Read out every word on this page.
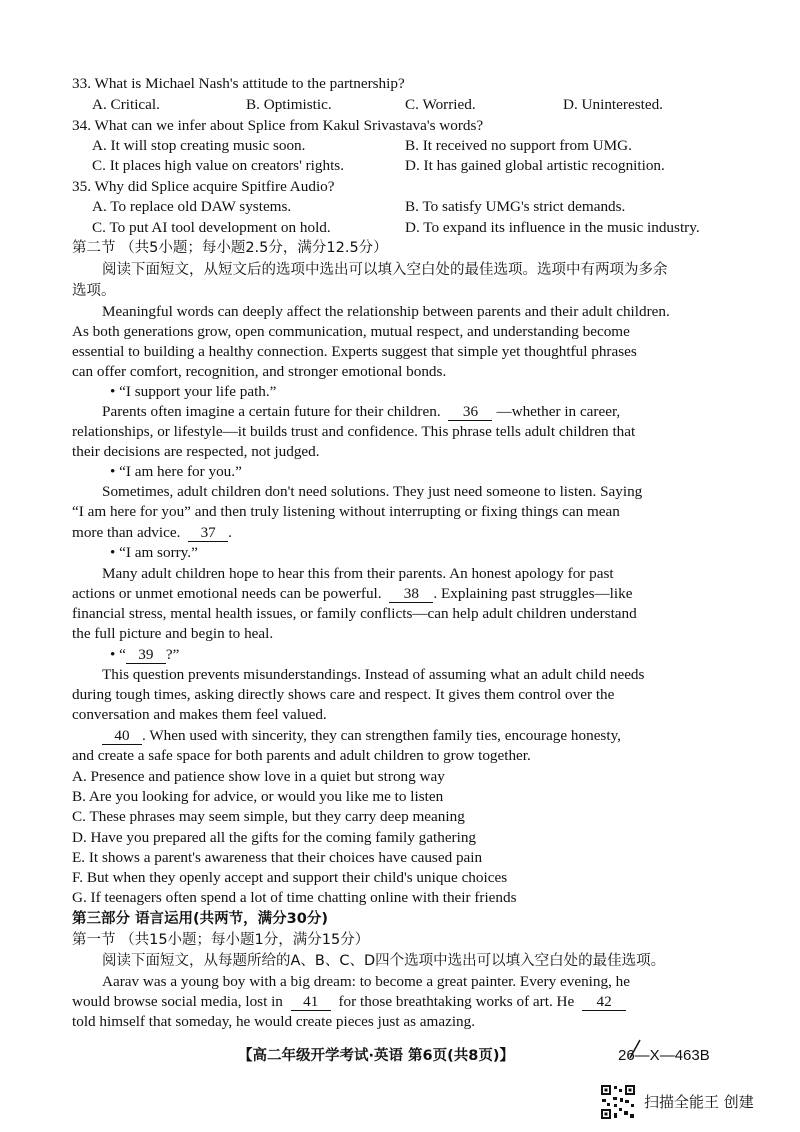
33. What is Michael Nash's attitude to the partnership?
A. Critical.	B. Optimistic.	C. Worried.	D. Uninterested.
34. What can we infer about Splice from Kakul Srivastava's words?
A. It will stop creating music soon.	B. It received no support from UMG.
C. It places high value on creators' rights.	D. It has gained global artistic recognition.
35. Why did Splice acquire Spitfire Audio?
A. To replace old DAW systems.	B. To satisfy UMG's strict demands.
C. To put AI tool development on hold.	D. To expand its influence in the music industry.
第二节 （共5小题；每小题2.5分，满分12.5分）
阅读下面短文，从短文后的选项中选出可以填入空白处的最佳选项。选项中有两项为多余
选项。
Meaningful words can deeply affect the relationship between parents and their adult children.
As both generations grow, open communication, mutual respect, and understanding become
essential to building a healthy connection. Experts suggest that simple yet thoughtful phrases
can offer comfort, recognition, and stronger emotional bonds.
• “I support your life path.”
Parents often imagine a certain future for their children. 36 —whether in career,
relationships, or lifestyle—it builds trust and confidence. This phrase tells adult children that
their decisions are respected, not judged.
• “I am here for you.”
Sometimes, adult children don't need solutions. They just need someone to listen. Saying
“I am here for you” and then truly listening without interrupting or fixing things can mean
more than advice. 37 .
• “I am sorry.”
Many adult children hope to hear this from their parents. An honest apology for past
actions or unmet emotional needs can be powerful. 38 . Explaining past struggles—like
financial stress, mental health issues, or family conflicts—can help adult children understand
the full picture and begin to heal.
• “ 39 ?”
This question prevents misunderstandings. Instead of assuming what an adult child needs
during tough times, asking directly shows care and respect. It gives them control over the
conversation and makes them feel valued.
40 . When used with sincerity, they can strengthen family ties, encourage honesty,
and create a safe space for both parents and adult children to grow together.
A. Presence and patience show love in a quiet but strong way
B. Are you looking for advice, or would you like me to listen
C. These phrases may seem simple, but they carry deep meaning
D. Have you prepared all the gifts for the coming family gathering
E. It shows a parent's awareness that their choices have caused pain
F. But when they openly accept and support their child's unique choices
G. If teenagers often spend a lot of time chatting online with their friends
第三部分 语言运用(共两节，满分30分)
第一节 （共15小题；每小题1分，满分15分）
阅读下面短文，从每题所给的A、B、C、D四个选项中选出可以填入空白处的最佳选项。
Aarav was a young boy with a big dream: to become a great painter. Every evening, he
would browse social media, lost in 41 for those breathtaking works of art. He 42
told himself that someday, he would create pieces just as amazing.
【高二年级开学考试·英语 第6页(共8页)】	26—X—463B
扫描全能王 创建
